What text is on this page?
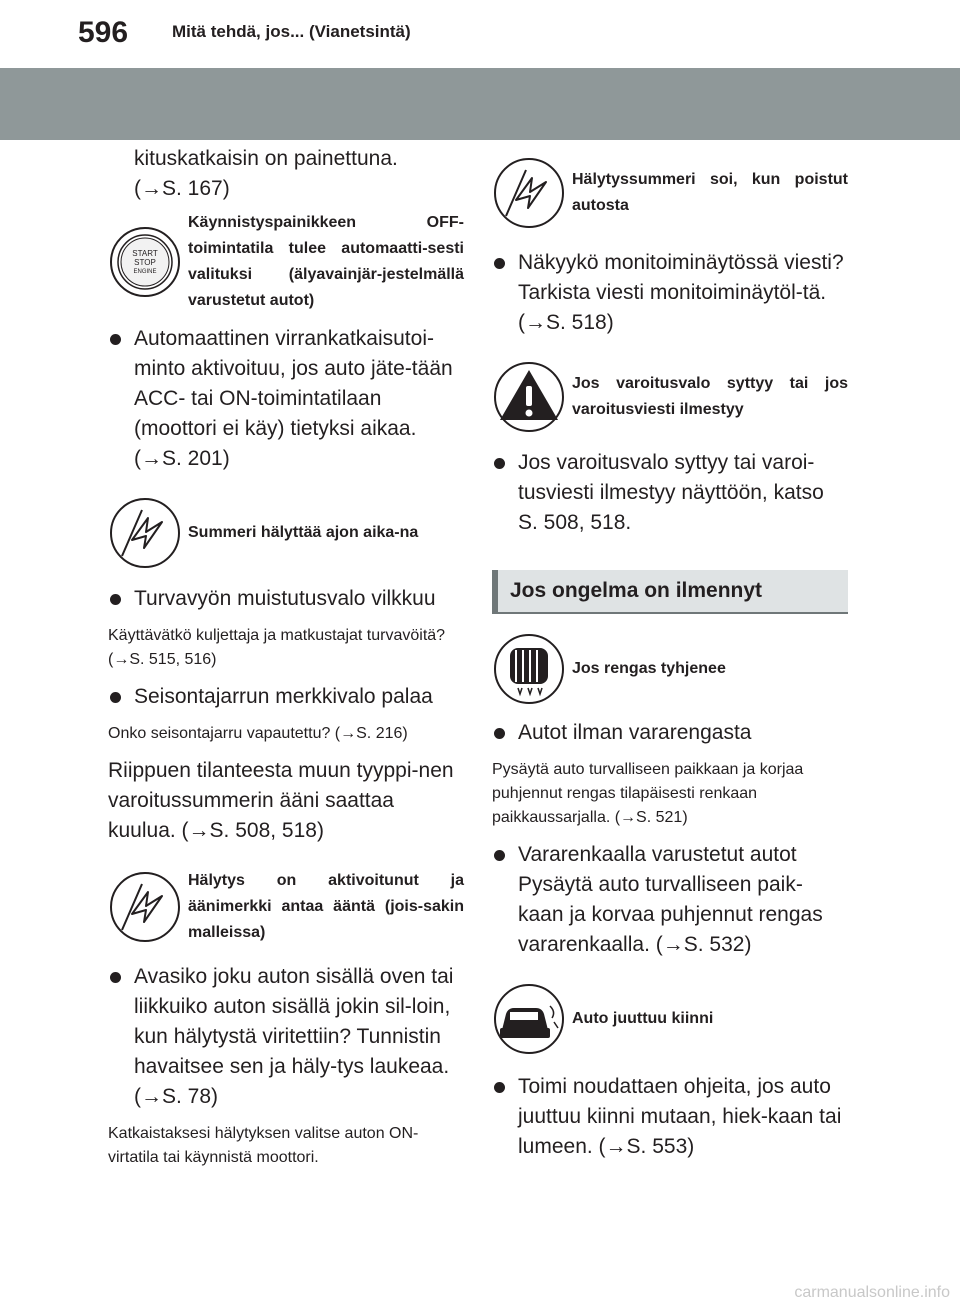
596	Mitä tehdä, jos... (Vianetsintä)
kituskatkaisin on painettuna.
(→S. 167)
START
STOP
ENGINE
Käynnistyspainikkeen OFF-toimintatila tulee automaatti-sesti valituksi (älyavainjär-jestelmällä varustetut autot)
Automaattinen virrankatkaisutoi-minto aktivoituu, jos auto jäte-tään ACC- tai ON-toimintatilaan (moottori ei käy) tietyksi aikaa. (→S. 201)
Summeri hälyttää ajon aika-na
Turvavyön muistutusvalo vilkkuu
Käyttävätkö kuljettaja ja matkustajat turvavöitä? (→S. 515, 516)
Seisontajarrun merkkivalo palaa
Onko seisontajarru vapautettu? (→S. 216)
Riippuen tilanteesta muun tyyppi-nen varoitussummerin ääni saattaa kuulua. (→S. 508, 518)
Hälytys on aktivoitunut ja äänimerkki antaa ääntä (jois-sakin malleissa)
Avasiko joku auton sisällä oven tai liikkuiko auton sisällä jokin sil-loin, kun hälytystä viritettiin? Tunnistin havaitsee sen ja häly-tys laukeaa. (→S. 78)
Katkaistaksesi hälytyksen valitse auton ON-virtatila tai käynnistä moottori.
Hälytyssummeri soi, kun poistut autosta
Näkyykö monitoiminäytössä viesti?
Tarkista viesti monitoiminäytöl-tä. (→S. 518)
Jos varoitusvalo syttyy tai jos varoitusviesti ilmestyy
Jos varoitusvalo syttyy tai varoi-tusviesti ilmestyy näyttöön, katso S. 508, 518.
Jos ongelma on ilmennyt
Jos rengas tyhjenee
Autot ilman vararengasta
Pysäytä auto turvalliseen paikkaan ja korjaa puhjennut rengas tilapäisesti renkaan paikkaussarjalla. (→S. 521)
Vararenkaalla varustetut autot
Pysäytä auto turvalliseen paik-kaan ja korvaa puhjennut rengas vararenkaalla. (→S. 532)
Auto juuttuu kiinni
Toimi noudattaen ohjeita, jos auto juuttuu kiinni mutaan, hiek-kaan tai lumeen. (→S. 553)
carmanualsonline.info
